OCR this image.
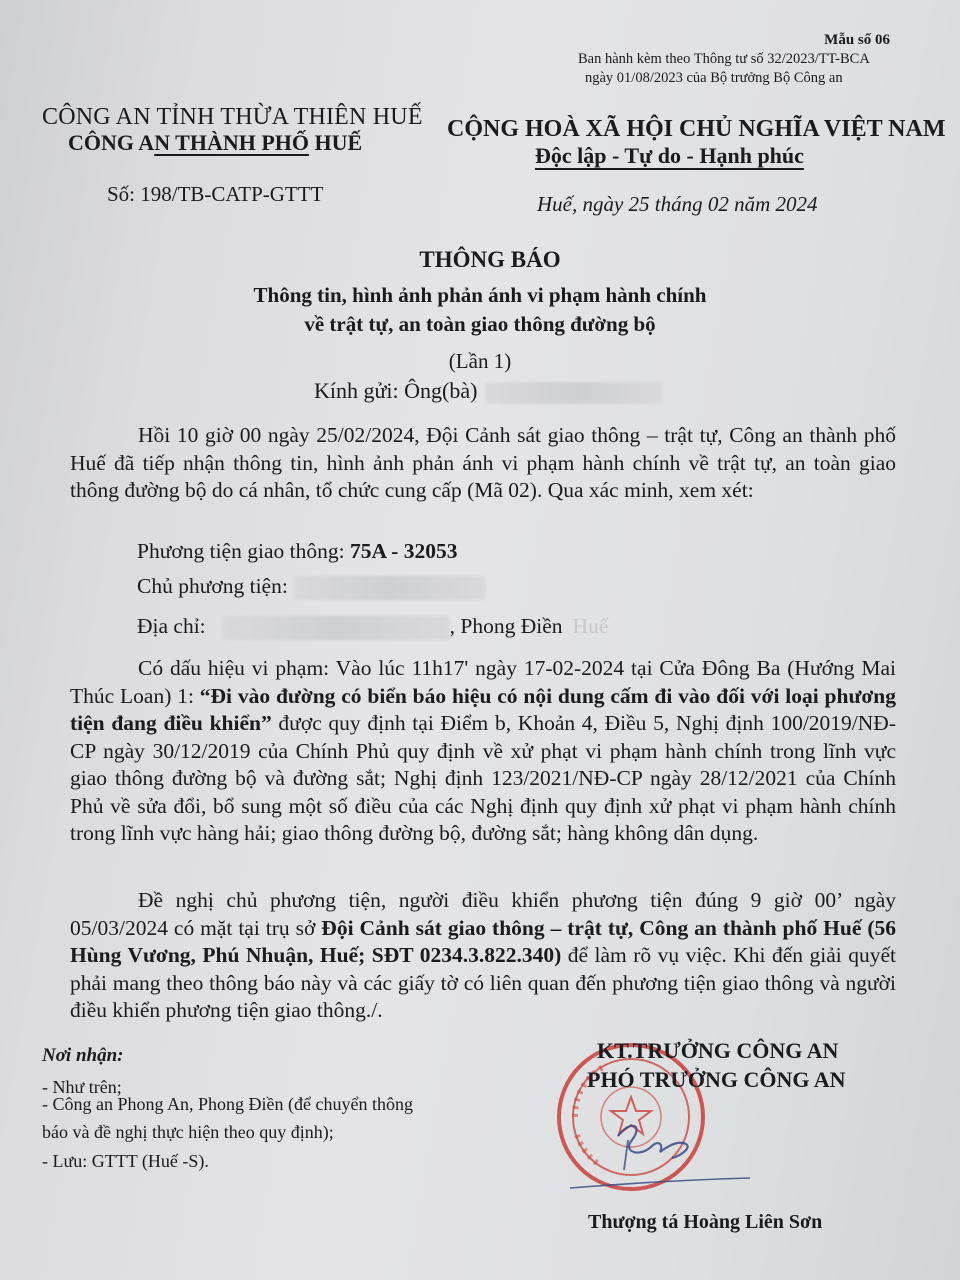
Mẫu số 06
Ban hành kèm theo Thông tư số 32/2023/TT-BCA
ngày 01/08/2023 của Bộ trưởng Bộ Công an
CÔNG AN TỈNH THỪA THIÊN HUẾ
CÔNG AN THÀNH PHỐ HUẾ
Số: 198/TB-CATP-GTTT
CỘNG HOÀ XÃ HỘI CHỦ NGHĨA VIỆT NAM
Độc lập - Tự do - Hạnh phúc
Huế, ngày 25 tháng 02 năm 2024
THÔNG BÁO
Thông tin, hình ảnh phản ánh vi phạm hành chính
về trật tự, an toàn giao thông đường bộ
(Lần 1)
Kính gửi: Ông(bà)

Hồi 10 giờ 00 ngày 25/02/2024, Đội Cảnh sát giao thông – trật tự, Công an thành phố Huế đã tiếp nhận thông tin, hình ảnh phản ánh vi phạm hành chính về trật tự, an toàn giao thông đường bộ do cá nhân, tổ chức cung cấp (Mã 02). Qua xác minh, xem xét:

Phương tiện giao thông: 75A - 32053
Chủ phương tiện:
Địa chỉ:	, Phong Điền Huế

Có dấu hiệu vi phạm: Vào lúc 11h17' ngày 17-02-2024 tại Cửa Đông Ba (Hướng Mai Thúc Loan) 1: “Đi vào đường có biển báo hiệu có nội dung cấm đi vào đối với loại phương tiện đang điều khiển” được quy định tại Điểm b, Khoản 4, Điều 5, Nghị định 100/2019/NĐ-CP ngày 30/12/2019 của Chính Phủ quy định về xử phạt vi phạm hành chính trong lĩnh vực giao thông đường bộ và đường sắt; Nghị định 123/2021/NĐ-CP ngày 28/12/2021 của Chính Phủ về sửa đổi, bổ sung một số điều của các Nghị định quy định xử phạt vi phạm hành chính trong lĩnh vực hàng hải; giao thông đường bộ, đường sắt; hàng không dân dụng.

Đề nghị chủ phương tiện, người điều khiển phương tiện đúng 9 giờ 00’ ngày 05/03/2024 có mặt tại trụ sở Đội Cảnh sát giao thông – trật tự, Công an thành phố Huế (56 Hùng Vương, Phú Nhuận, Huế; SĐT 0234.3.822.340) để làm rõ vụ việc. Khi đến giải quyết phải mang theo thông báo này và các giấy tờ có liên quan đến phương tiện giao thông và người điều khiển phương tiện giao thông./.

Nơi nhận:
- Như trên;
- Công an Phong An, Phong Điền (để chuyển thông
báo và đề nghị thực hiện theo quy định);
- Lưu: GTTT (Huế -S).
KT.TRƯỞNG CÔNG AN
PHÓ TRƯỞNG CÔNG AN
Thượng tá Hoàng Liên Sơn
